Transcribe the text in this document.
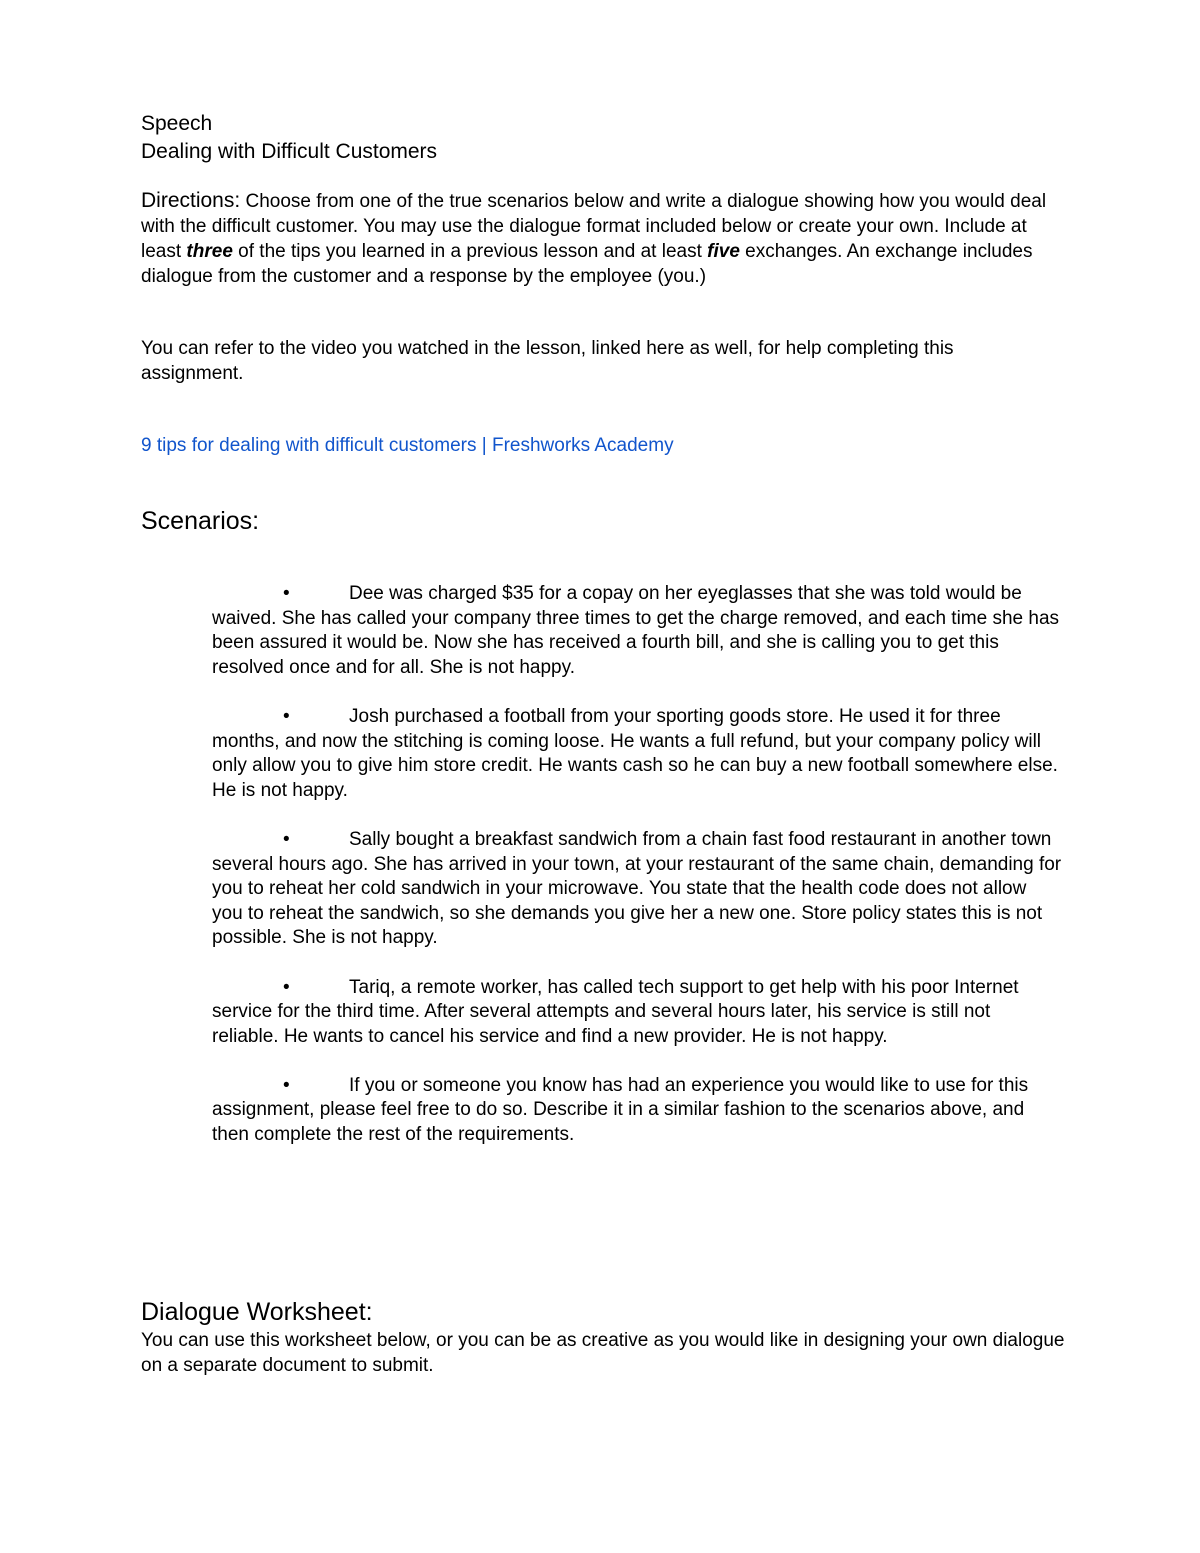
Speech

Dealing with Difficult Customers

Directions: Choose from one of the true scenarios below and write a dialogue showing how you would deal with the difficult customer. You may use the dialogue format included below or create your own. Include at least three of the tips you learned in a previous lesson and at least five exchanges. An exchange includes dialogue from the customer and a response by the employee (you.)
You can refer to the video you watched in the lesson, linked here as well, for help completing this assignment.
9 tips for dealing with difficult customers | Freshworks Academy
Scenarios:
•	Dee was charged $35 for a copay on her eyeglasses that she was told would be waived. She has called your company three times to get the charge removed, and each time she has been assured it would be. Now she has received a fourth bill, and she is calling you to get this resolved once and for all. She is not happy.
•	Josh purchased a football from your sporting goods store. He used it for three months, and now the stitching is coming loose. He wants a full refund, but your company policy will only allow you to give him store credit. He wants cash so he can buy a new football somewhere else. He is not happy.
•	Sally bought a breakfast sandwich from a chain fast food restaurant in another town several hours ago. She has arrived in your town, at your restaurant of the same chain, demanding for you to reheat her cold sandwich in your microwave. You state that the health code does not allow you to reheat the sandwich, so she demands you give her a new one. Store policy states this is not possible. She is not happy.
•	Tariq, a remote worker, has called tech support to get help with his poor Internet service for the third time. After several attempts and several hours later, his service is still not reliable. He wants to cancel his service and find a new provider. He is not happy.
•	If you or someone you know has had an experience you would like to use for this assignment, please feel free to do so. Describe it in a similar fashion to the scenarios above, and then complete the rest of the requirements.
Dialogue Worksheet:

You can use this worksheet below, or you can be as creative as you would like in designing your own dialogue on a separate document to submit.
